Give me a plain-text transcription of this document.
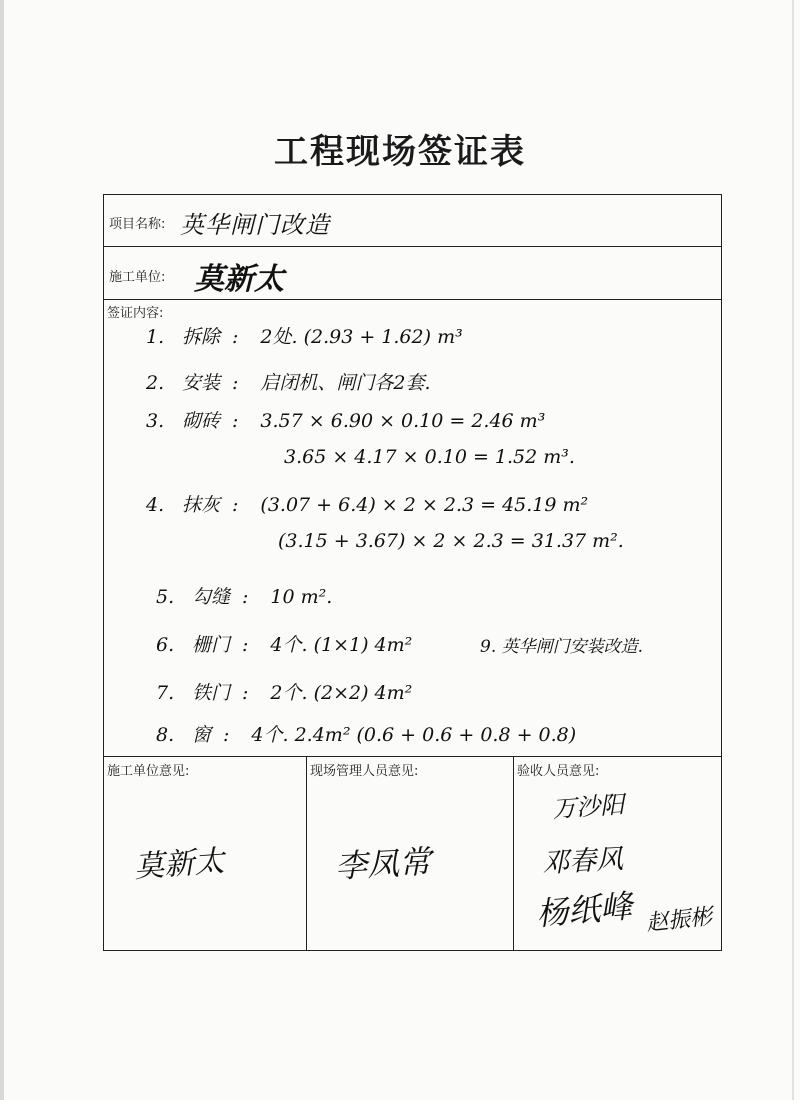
工程现场签证表
项目名称: 英华闸门改造
施工单位: 莫新太
签证内容:
1. 拆除 : 2处. (2.93 + 1.62) m³
2. 安装 : 启闭机、闸门各2套.
3. 砌砖 : 3.57 × 6.90 × 0.10 = 2.46 m³
3.65 × 4.17 × 0.10 = 1.52 m³.
4. 抹灰 : (3.07 + 6.4) × 2 × 2.3 = 45.19 m²
(3.15 + 3.67) × 2 × 2.3 = 31.37 m².
5. 勾缝 : 10 m².
6. 栅门 : 4个. (1×1) 4m²	9. 英华闸门安装改造.
7. 铁门 : 2个. (2×2) 4m²
8. 窗 : 4个. 2.4m² (0.6 + 0.6 + 0.8 + 0.8)
施工单位意见:
莫新太
现场管理人员意见:
李凤常
验收人员意见:
万沙阳
邓春风
杨纸峰 赵振彬
